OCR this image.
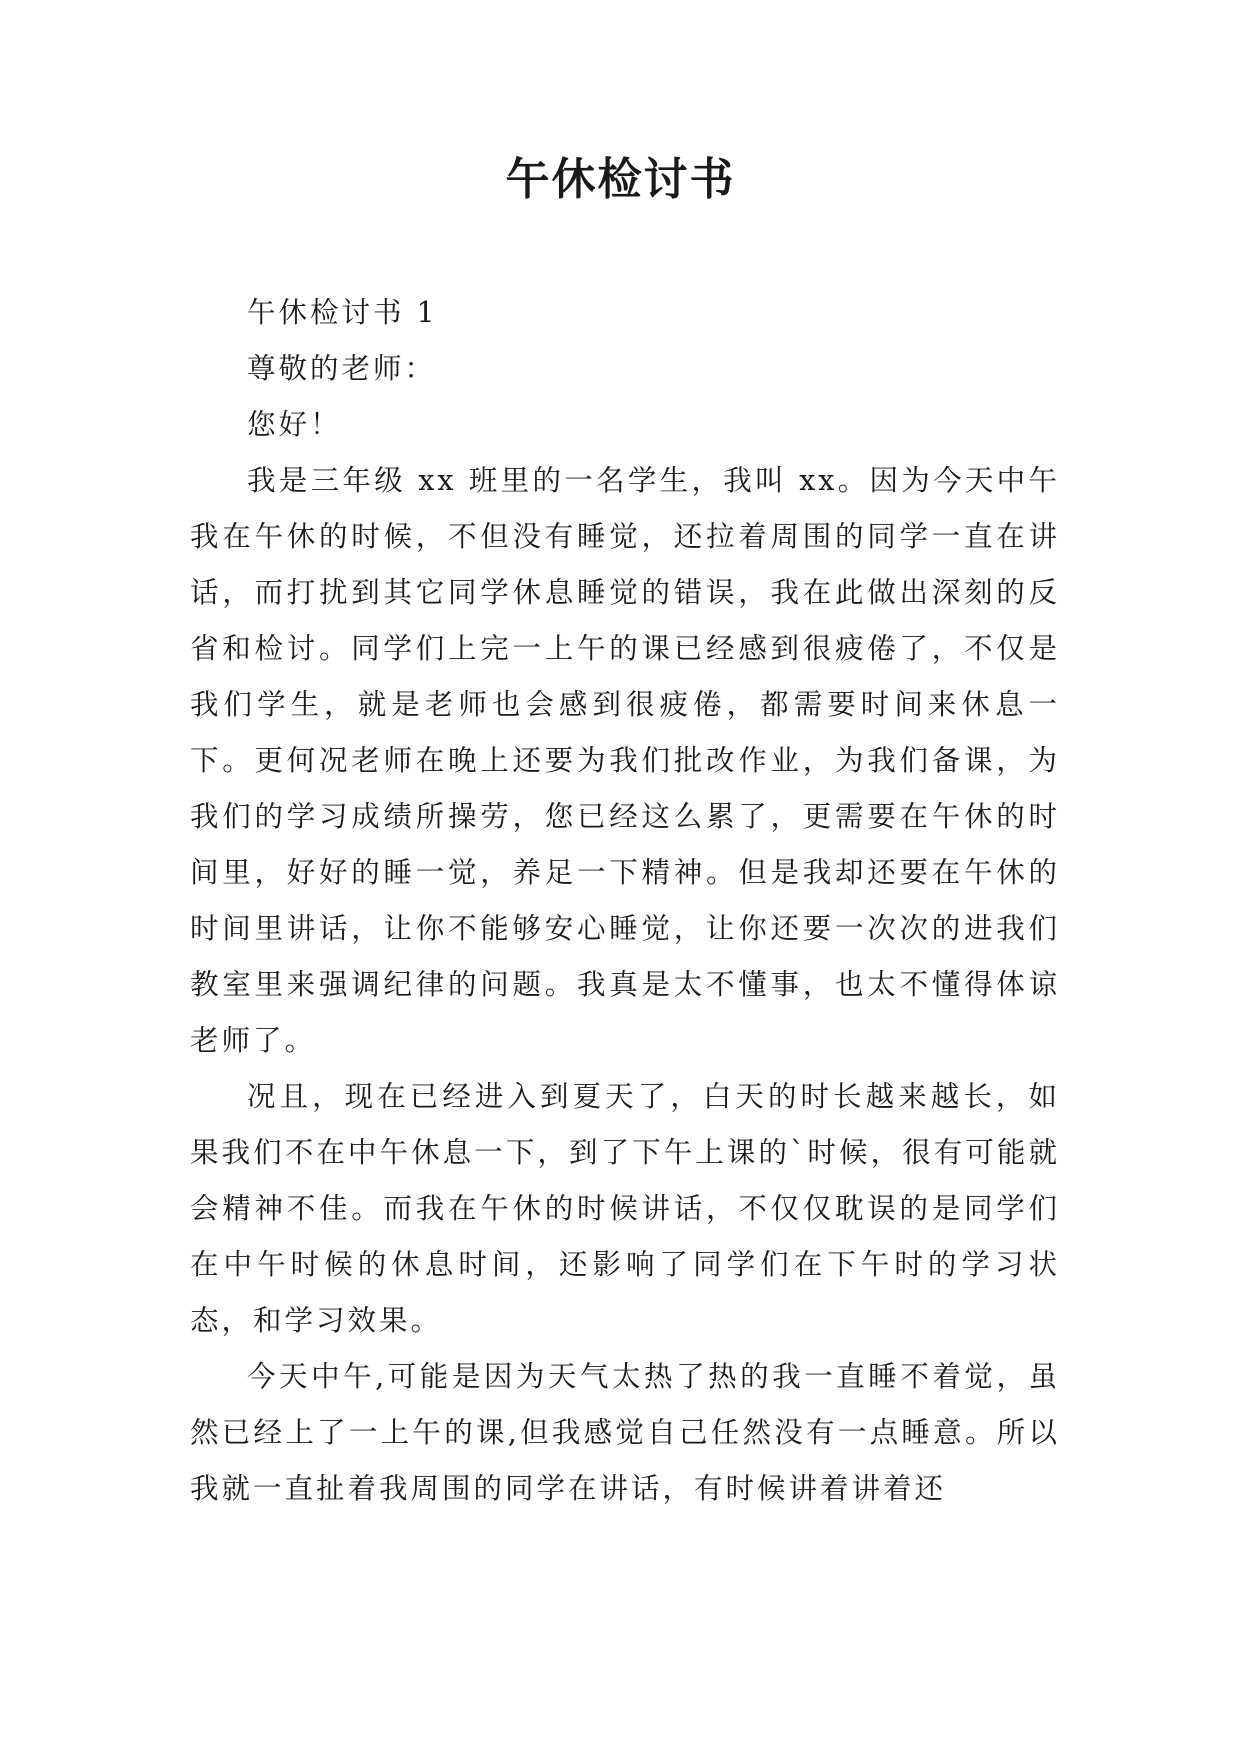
午休检讨书

午休检讨书 1

尊敬的老师：

您好！

我是三年级 xx 班里的一名学生，我叫 xx。因为今天中午我在午休的时候，不但没有睡觉，还拉着周围的同学一直在讲话，而打扰到其它同学休息睡觉的错误，我在此做出深刻的反省和检讨。同学们上完一上午的课已经感到很疲倦了，不仅是我们学生，就是老师也会感到很疲倦，都需要时间来休息一下。更何况老师在晚上还要为我们批改作业，为我们备课，为我们的学习成绩所操劳，您已经这么累了，更需要在午休的时间里，好好的睡一觉，养足一下精神。但是我却还要在午休的时间里讲话，让你不能够安心睡觉，让你还要一次次的进我们教室里来强调纪律的问题。我真是太不懂事，也太不懂得体谅老师了。

况且，现在已经进入到夏天了，白天的时长越来越长，如果我们不在中午休息一下，到了下午上课的`时候，很有可能就会精神不佳。而我在午休的时候讲话，不仅仅耽误的是同学们在中午时候的休息时间，还影响了同学们在下午时的学习状态，和学习效果。

今天中午,可能是因为天气太热了热的我一直睡不着觉，虽然已经上了一上午的课,但我感觉自己任然没有一点睡意。所以我就一直扯着我周围的同学在讲话，有时候讲着讲着还
